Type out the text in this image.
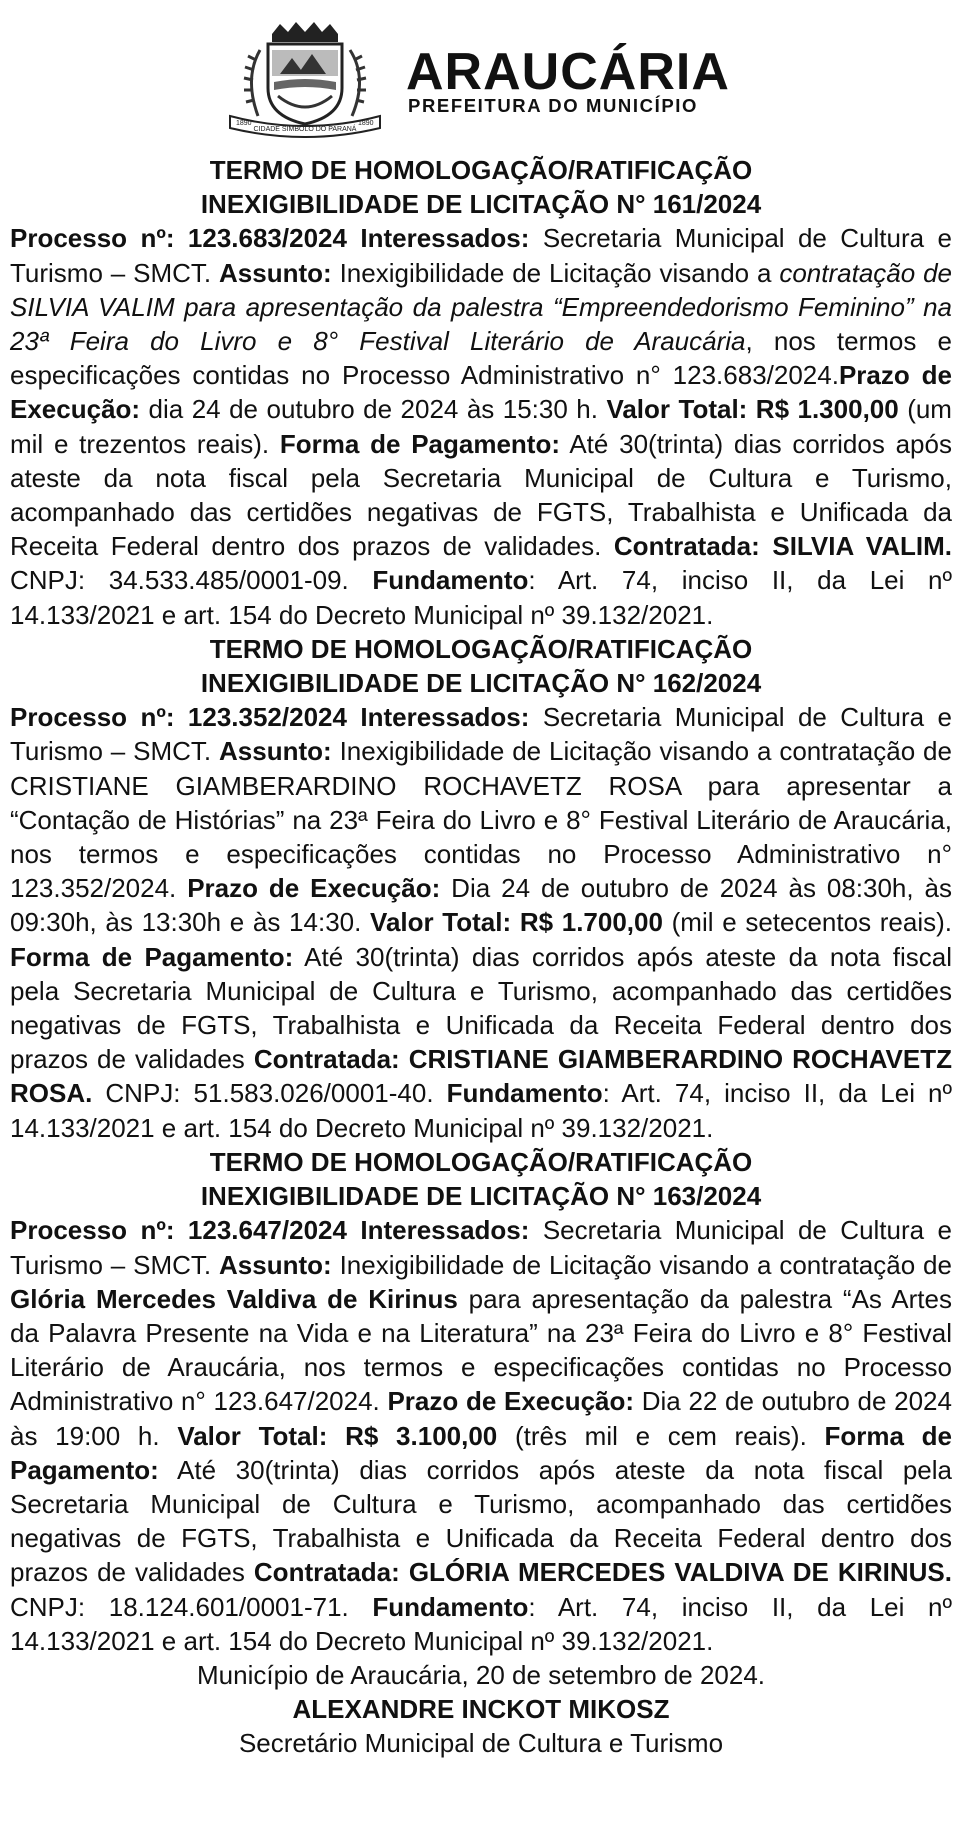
1890
CIDADE SIMBOLO DO PARANÁ
1890
ARAUCÁRIA
PREFEITURA DO MUNICÍPIO
TERMO DE HOMOLOGAÇÃO/RATIFICAÇÃO
INEXIGIBILIDADE DE LICITAÇÃO N° 161/2024
Processo nº: 123.683/2024 Interessados: Secretaria Municipal de Cultura e Turismo – SMCT. Assunto: Inexigibilidade de Licitação visando a contratação de SILVIA VALIM para apresentação da palestra “Empreendedorismo Feminino” na 23ª Feira do Livro e 8° Festival Literário de Araucária, nos termos e especificações contidas no Processo Administrativo n° 123.683/2024.Prazo de Execução: dia 24 de outubro de 2024 às 15:30 h. Valor Total: R$ 1.300,00 (um mil e trezentos reais). Forma de Pagamento: Até 30(trinta) dias corridos após ateste da nota fiscal pela Secretaria Municipal de Cultura e Turismo, acompanhado das certidões negativas de FGTS, Trabalhista e Unificada da Receita Federal dentro dos prazos de validades. Contratada: SILVIA VALIM. CNPJ: 34.533.485/0001-09. Fundamento: Art. 74, inciso II, da Lei nº 14.133/2021 e art. 154 do Decreto Municipal nº 39.132/2021.
TERMO DE HOMOLOGAÇÃO/RATIFICAÇÃO
INEXIGIBILIDADE DE LICITAÇÃO N° 162/2024
Processo nº: 123.352/2024 Interessados: Secretaria Municipal de Cultura e Turismo – SMCT. Assunto: Inexigibilidade de Licitação visando a contratação de CRISTIANE GIAMBERARDINO ROCHAVETZ ROSA para apresentar a “Contação de Histórias” na 23ª Feira do Livro e 8° Festival Literário de Araucária, nos termos e especificações contidas no Processo Administrativo n° 123.352/2024. Prazo de Execução: Dia 24 de outubro de 2024 às 08:30h, às 09:30h, às 13:30h e às 14:30. Valor Total: R$ 1.700,00 (mil e setecentos reais). Forma de Pagamento: Até 30(trinta) dias corridos após ateste da nota fiscal pela Secretaria Municipal de Cultura e Turismo, acompanhado das certidões negativas de FGTS, Trabalhista e Unificada da Receita Federal dentro dos prazos de validades Contratada: CRISTIANE GIAMBERARDINO ROCHAVETZ ROSA. CNPJ: 51.583.026/0001-40. Fundamento: Art. 74, inciso II, da Lei nº 14.133/2021 e art. 154 do Decreto Municipal nº 39.132/2021.
TERMO DE HOMOLOGAÇÃO/RATIFICAÇÃO
INEXIGIBILIDADE DE LICITAÇÃO N° 163/2024
Processo nº: 123.647/2024 Interessados: Secretaria Municipal de Cultura e Turismo – SMCT. Assunto: Inexigibilidade de Licitação visando a contratação de Glória Mercedes Valdiva de Kirinus para apresentação da palestra “As Artes da Palavra Presente na Vida e na Literatura” na 23ª Feira do Livro e 8° Festival Literário de Araucária, nos termos e especificações contidas no Processo Administrativo n° 123.647/2024. Prazo de Execução: Dia 22 de outubro de 2024 às 19:00 h. Valor Total: R$ 3.100,00 (três mil e cem reais). Forma de Pagamento: Até 30(trinta) dias corridos após ateste da nota fiscal pela Secretaria Municipal de Cultura e Turismo, acompanhado das certidões negativas de FGTS, Trabalhista e Unificada da Receita Federal dentro dos prazos de validades Contratada: GLÓRIA MERCEDES VALDIVA DE KIRINUS. CNPJ: 18.124.601/0001-71. Fundamento: Art. 74, inciso II, da Lei nº 14.133/2021 e art. 154 do Decreto Municipal nº 39.132/2021.
Município de Araucária, 20 de setembro de 2024.
ALEXANDRE INCKOT MIKOSZ
Secretário Municipal de Cultura e Turismo
